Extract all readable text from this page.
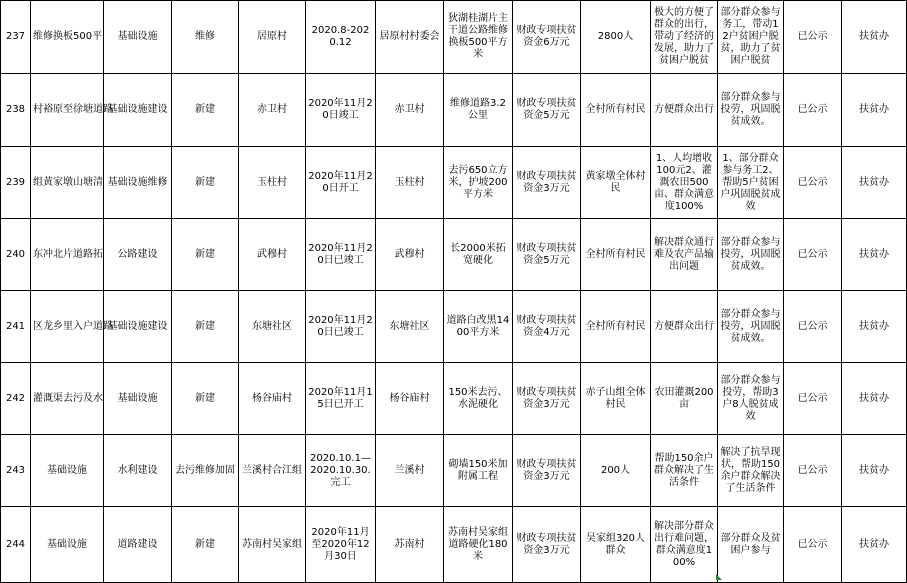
237	维修换板500平	基础设施	维修	居原村	2020.8-2020.12	居原村村委会	狄湖桂湖片主干道公路维修换板500平方米	财政专项扶贫资金6万元	2800人	极大的方便了群众的出行，带动了经济的发展，助力了贫困户脱贫	部分群众参与务工，带动12户贫困户脱贫，助力了贫困户脱贫	已公示	扶贫办
238	村裕原至徐塘道路	基础设施建设	新建	赤卫村	2020年11月20日竣工	赤卫村	维修道路3.2公里	财政专项扶贫资金5万元	全村所有村民	方便群众出行	部分群众参与投劳，巩固脱贫成效。	已公示	扶贫办
239	组黄家墩山塘清	基础设施维修	新建	玉柱村	2020年11月20日开工	玉柱村	去污650立方米，护坡200平方米	财政专项扶贫资金3万元	黄家墩全体村民	1、人均增收100元2、灌溉农田500亩、群众满意度100%	1、部分群众参与务工2、帮助5户贫困户巩固脱贫成效	已公示	扶贫办
240	东冲北片道路拓	公路建设	新建	武穆村	2020年11月20日已竣工	武穆村	长2000米拓宽硬化	财政专项扶贫资金5万元	全村所有村民	解决群众通行难及农产品输出问题	部分群众参与投劳，巩固脱贫成效。	已公示	扶贫办
241	区龙乡里入户道路	基础设施建设	新建	东塘社区	2020年11月20日已竣工	东塘社区	道路白改黑1400平方米	财政专项扶贫资金4万元	全村所有村民	方便群众出行	部分群众参与投劳，巩固脱贫成效。	已公示	扶贫办
242	灌溉渠去污及水	基础设施	新建	杨谷庙村	2020年11月15日已开工	杨谷庙村	150米去污、水泥硬化	财政专项扶贫资金3万元	赤子山组全体村民	农田灌溉200亩	部分群众参与投劳，帮助3户8人脱贫成效	已公示	扶贫办
243	基础设施	水利建设	去污维修加固	兰溪村合江组	2020.10.1—2020.10.30.完工	兰溪村	砌墙150米加附属工程	财政专项扶贫资金3万元	200人	帮助150余户群众解决了生活条件	解决了抗旱现状，帮助150余户群众解决了生活条件	已公示	扶贫办
244	基础设施	道路建设	新建	苏南村吴家组	2020年11月至2020年12月30日	苏南村	苏南村吴家组道路硬化180米	财政专项扶贫资金3万元	吴家组320人群众	解决部分群众出行难问题，群众满意度100%	部分群众及贫困户参与	已公示	扶贫办
